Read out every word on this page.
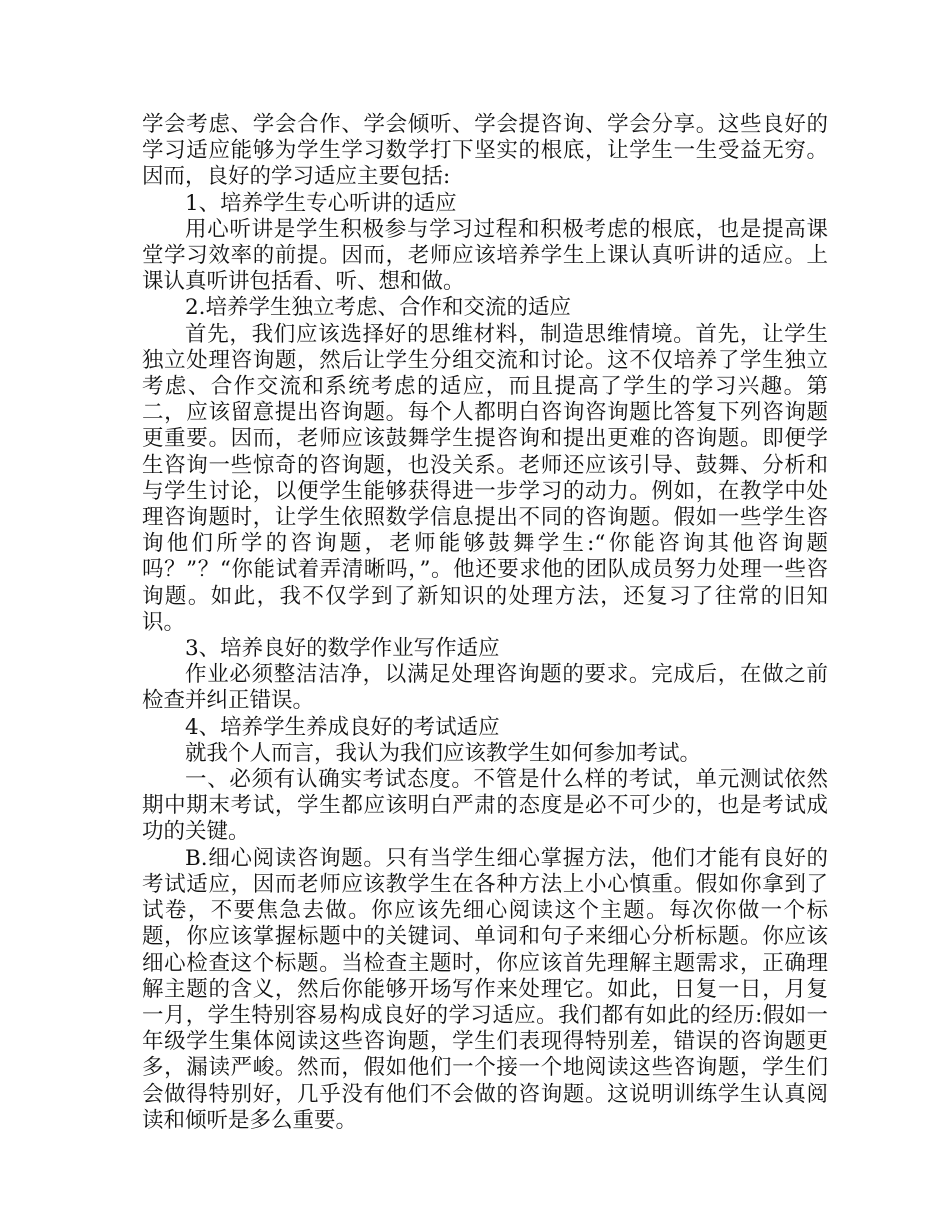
学会考虑、学会合作、学会倾听、学会提咨询、学会分享。这些良好的学习适应能够为学生学习数学打下坚实的根底，让学生一生受益无穷。因而，良好的学习适应主要包括:

1、培养学生专心听讲的适应

用心听讲是学生积极参与学习过程和积极考虑的根底，也是提高课堂学习效率的前提。因而，老师应该培养学生上课认真听讲的适应。上课认真听讲包括看、听、想和做。

2.培养学生独立考虑、合作和交流的适应

首先，我们应该选择好的思维材料，制造思维情境。首先，让学生独立处理咨询题，然后让学生分组交流和讨论。这不仅培养了学生独立考虑、合作交流和系统考虑的适应，而且提高了学生的学习兴趣。第二，应该留意提出咨询题。每个人都明白咨询咨询题比答复下列咨询题更重要。因而，老师应该鼓舞学生提咨询和提出更难的咨询题。即便学生咨询一些惊奇的咨询题，也没关系。老师还应该引导、鼓舞、分析和与学生讨论，以便学生能够获得进一步学习的动力。例如，在教学中处理咨询题时，让学生依照数学信息提出不同的咨询题。假如一些学生咨询他们所学的咨询题，老师能够鼓舞学生:“你能咨询其他咨询题吗？”？“你能试着弄清晰吗，”。他还要求他的团队成员努力处理一些咨询题。如此，我不仅学到了新知识的处理方法，还复习了往常的旧知识。

3、培养良好的数学作业写作适应

作业必须整洁洁净，以满足处理咨询题的要求。完成后，在做之前检查并纠正错误。

4、培养学生养成良好的考试适应

就我个人而言，我认为我们应该教学生如何参加考试。

一、必须有认确实考试态度。不管是什么样的考试，单元测试依然期中期末考试，学生都应该明白严肃的态度是必不可少的，也是考试成功的关键。

B.细心阅读咨询题。只有当学生细心掌握方法，他们才能有良好的考试适应，因而老师应该教学生在各种方法上小心慎重。假如你拿到了试卷，不要焦急去做。你应该先细心阅读这个主题。每次你做一个标题，你应该掌握标题中的关键词、单词和句子来细心分析标题。你应该细心检查这个标题。当检查主题时，你应该首先理解主题需求，正确理解主题的含义，然后你能够开场写作来处理它。如此，日复一日，月复一月，学生特别容易构成良好的学习适应。我们都有如此的经历:假如一年级学生集体阅读这些咨询题，学生们表现得特别差，错误的咨询题更多，漏读严峻。然而，假如他们一个接一个地阅读这些咨询题，学生们会做得特别好，几乎没有他们不会做的咨询题。这说明训练学生认真阅读和倾听是多么重要。
